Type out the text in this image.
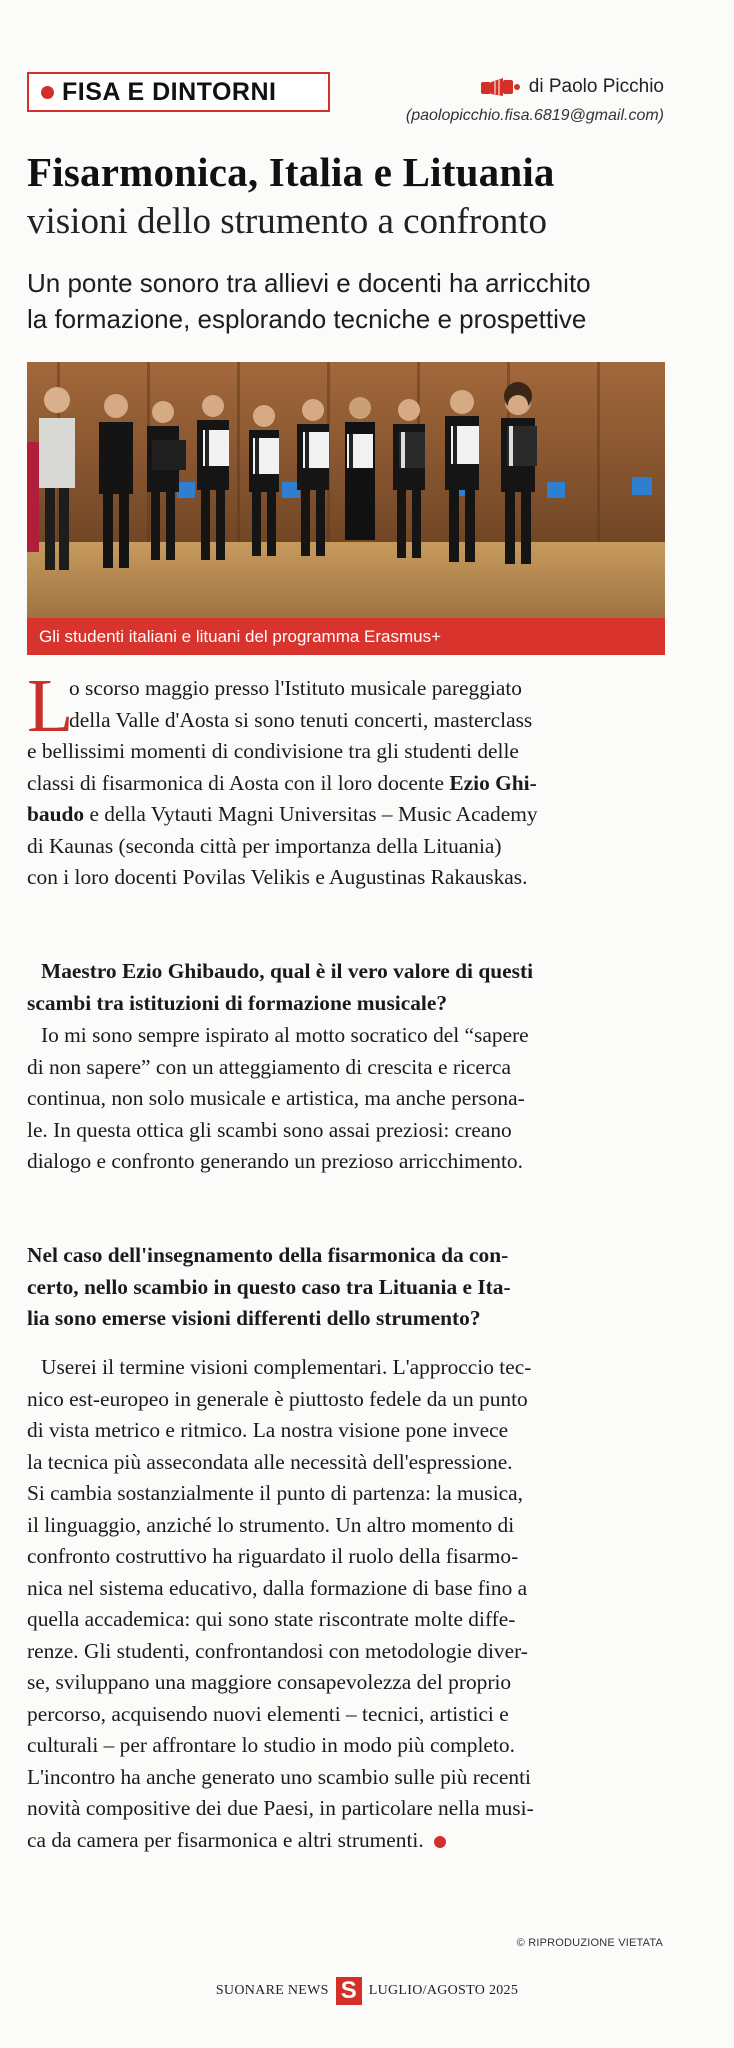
FISA E DINTORNI	di Paolo Picchio
(paolopicchio.fisa.6819@gmail.com)
Fisarmonica, Italia e Lituania
visioni dello strumento a confronto
Un ponte sonoro tra allievi e docenti ha arricchito
la formazione, esplorando tecniche e prospettive
Gli studenti italiani e lituani del programma Erasmus+
L
o scorso maggio presso l'Istituto musicale pareggiato
della Valle d'Aosta si sono tenuti concerti, masterclass
e bellissimi momenti di condivisione tra gli studenti delle
classi di fisarmonica di Aosta con il loro docente Ezio Ghi-
baudo e della Vytauti Magni Universitas – Music Academy
di Kaunas (seconda città per importanza della Lituania)
con i loro docenti Povilas Velikis e Augustinas Rakauskas.
Maestro Ezio Ghibaudo, qual è il vero valore di questi
scambi tra istituzioni di formazione musicale?
Io mi sono sempre ispirato al motto socratico del “sapere
di non sapere” con un atteggiamento di crescita e ricerca
continua, non solo musicale e artistica, ma anche persona-
le. In questa ottica gli scambi sono assai preziosi: creano
dialogo e confronto generando un prezioso arricchimento.
Nel caso dell'insegnamento della fisarmonica da con-
certo, nello scambio in questo caso tra Lituania e Ita-
lia sono emerse visioni differenti dello strumento?
Userei il termine visioni complementari. L'approccio tec-
nico est-europeo in generale è piuttosto fedele da un punto
di vista metrico e ritmico. La nostra visione pone invece
la tecnica più assecondata alle necessità dell'espressione.
Si cambia sostanzialmente il punto di partenza: la musica,
il linguaggio, anziché lo strumento. Un altro momento di
confronto costruttivo ha riguardato il ruolo della fisarmo-
nica nel sistema educativo, dalla formazione di base fino a
quella accademica: qui sono state riscontrate molte diffe-
renze. Gli studenti, confrontandosi con metodologie diver-
se, sviluppano una maggiore consapevolezza del proprio
percorso, acquisendo nuovi elementi – tecnici, artistici e
culturali – per affrontare lo studio in modo più completo.
L'incontro ha anche generato uno scambio sulle più recenti
novità compositive dei due Paesi, in particolare nella musi-
ca da camera per fisarmonica e altri strumenti.
© RIPRODUZIONE VIETATA
SUONARE NEWS S LUGLIO/AGOSTO 2025
